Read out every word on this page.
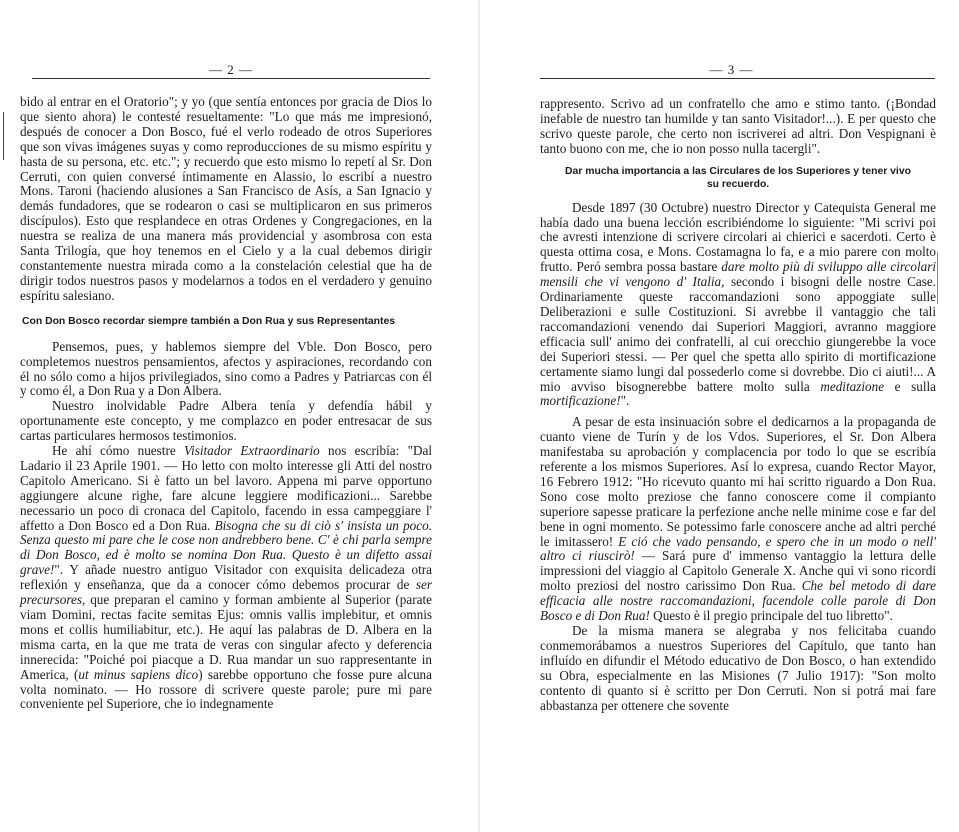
— 2 —

bido al entrar en el Oratorio"; y yo (que sentía entonces por gracia de Dios lo que siento ahora) le contesté resueltamente: "Lo que más me impresionó, después de conocer a Don Bosco, fué el verlo rodeado de otros Superiores que son vivas imágenes suyas y como reproducciones de su mismo espíritu y hasta de su persona, etc. etc."; y recuerdo que esto mismo lo repetí al Sr. Don Cerruti, con quien conversé íntimamente en Alassio, lo escribí a nuestro Mons. Taroni (haciendo alusiones a San Francisco de Asís, a San Ignacio y demás fundadores, que se rodearon o casi se multiplicaron en sus primeros discípulos). Esto que resplandece en otras Ordenes y Congregaciones, en la nuestra se realiza de una manera más providencial y asombrosa con esta Santa Trilogía, que hoy tenemos en el Cielo y a la cual debemos dirigir constantemente nuestra mirada como a la constelación celestial que ha de dirigir todos nuestros pasos y modelarnos a todos en el verdadero y genuino espíritu salesiano.

Con Don Bosco recordar siempre también a Don Rua y sus Representantes

Pensemos, pues, y hablemos siempre del Vble. Don Bosco, pero completemos nuestros pensamientos, afectos y aspiraciones, recordando con él no sólo como a hijos privilegiados, sino como a Padres y Patriarcas con él y como él, a Don Rua y a Don Albera.

Nuestro inolvidable Padre Albera tenía y defendía hábil y oportunamente este concepto, y me complazco en poder entresacar de sus cartas particulares hermosos testimonios.

He ahí cómo nuestre Visitador Extraordinario nos escribía: "Dal Ladario il 23 Aprile 1901. — Ho letto con molto interesse gli Atti del nostro Capitolo Americano. Si è fatto un bel lavoro. Appena mi parve opportuno aggiungere alcune righe, fare alcune leggiere modificazioni... Sarebbe necessario un poco di cronaca del Capitolo, facendo in essa campeggiare l' affetto a Don Bosco ed a Don Rua. Bisogna che su di ciò s' insista un poco. Senza questo mi pare che le cose non andrebbero bene. C' è chi parla sempre di Don Bosco, ed è molto se nomina Don Rua. Questo è un difetto assai grave!". Y añade nuestro antiguo Visitador con exquisita delicadeza otra reflexión y enseñanza, que da a conocer cómo debemos procurar de ser precursores, que preparan el camino y forman ambiente al Superior (parate viam Domini, rectas facite semitas Ejus: omnis vallis implebitur, et omnis mons et collis humiliabitur, etc.). He aquí las palabras de D. Albera en la misma carta, en la que me trata de veras con singular afecto y deferencia innerecida: "Poiché poi piacque a D. Rua mandar un suo rappresentante in America, (ut minus sapiens dico) sarebbe opportuno che fosse pure alcuna volta nominato. — Ho rossore di scrivere queste parole; pure mi pare conveniente pel Superiore, che io indegnamente

— 3 —

rappresento. Scrivo ad un confratello che amo e stimo tanto. (¡Bondad inefable de nuestro tan humilde y tan santo Visitador!...). E per questo che scrivo queste parole, che certo non iscriverei ad altri. Don Vespignani è tanto buono con me, che io non posso nulla tacergli".

Dar mucha importancia a las Circulares de los Superiores y tener vivo su recuerdo.

Desde 1897 (30 Octubre) nuestro Director y Catequista General me había dado una buena lección escribiéndome lo siguiente: "Mi scrivi poi che avresti intenzione di scrivere circolari ai chierici e sacerdoti. Certo è questa ottima cosa, e Mons. Costamagna lo fa, e a mio parere con molto frutto. Peró sembra possa bastare dare molto più di sviluppo alle circolari mensili che vi vengono d' Italia, secondo i bisogni delle nostre Case. Ordinariamente queste raccomandazioni sono appoggiate sulle Deliberazioni e sulle Costituzioni. Si avrebbe il vantaggio che tali raccomandazioni venendo dai Superiori Maggiori, avranno maggiore efficacia sull' animo dei confratelli, al cui orecchio giungerebbe la voce dei Superiori stessi. — Per quel che spetta allo spirito di mortificazione certamente siamo lungi dal possederlo come si dovrebbe. Dio ci aiuti!... A mio avviso bisognerebbe battere molto sulla meditazione e sulla mortificazione!".

A pesar de esta insinuación sobre el dedicarnos a la propaganda de cuanto viene de Turín y de los Vdos. Superiores, el Sr. Don Albera manifestaba su aprobación y complacencia por todo lo que se escribía referente a los mismos Superiores. Así lo expresa, cuando Rector Mayor, 16 Febrero 1912: "Ho ricevuto quanto mi hai scritto riguardo a Don Rua. Sono cose molto preziose che fanno conoscere come il compianto superiore sapesse praticare la perfezione anche nelle minime cose e far del bene in ogni momento. Se potessimo farle conoscere anche ad altri perché le imitassero! E ció che vado pensando, e spero che in un modo o nell' altro ci riuscirò! — Sará pure d' immenso vantaggio la lettura delle impressioni del viaggio al Capitolo Generale X. Anche qui vi sono ricordi molto preziosi del nostro carissimo Don Rua. Che bel metodo di dare efficacia alle nostre raccomandazioni, facendole colle parole di Don Bosco e di Don Rua! Questo è il pregio principale del tuo libretto".

De la misma manera se alegraba y nos felicitaba cuando conmemorábamos a nuestros Superiores del Capítulo, que tanto han influído en difundir el Método educativo de Don Bosco, o han extendido su Obra, especialmente en las Misiones (7 Julio 1917): "Son molto contento di quanto si è scritto per Don Cerruti. Non si potrá mai fare abbastanza per ottenere che sovente
